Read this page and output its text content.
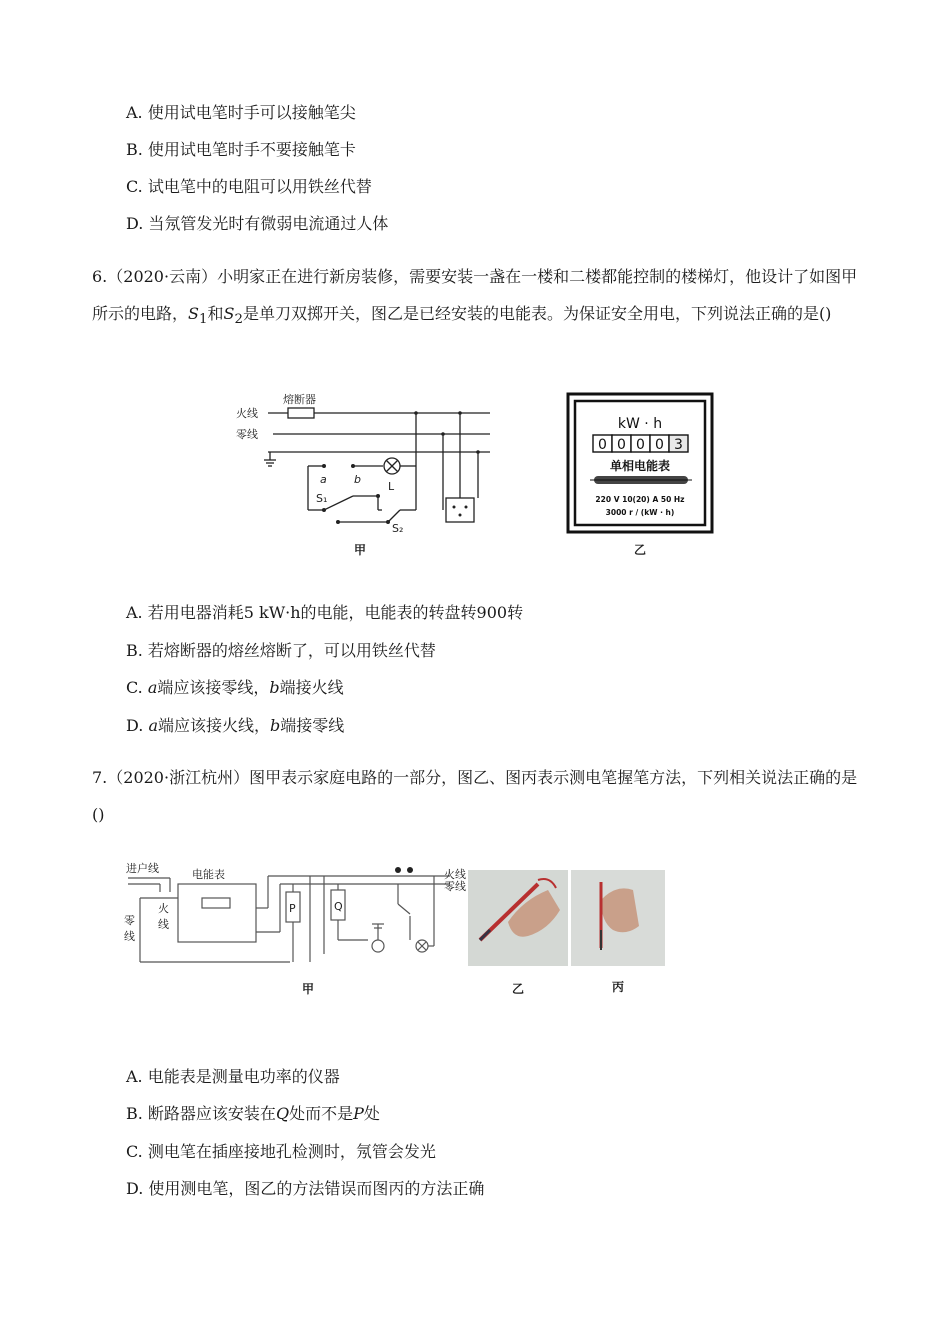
A. 使用试电笔时手可以接触笔尖
B. 使用试电笔时手不要接触笔卡
C. 试电笔中的电阻可以用铁丝代替
D. 当氖管发光时有微弱电流通过人体

6.（2020·云南）小明家正在进行新房装修，需要安装一盏在一楼和二楼都能控制的楼梯灯，他设计了如图甲所示的电路，$S_1$和$S_2$是单刀双掷开关，图乙是已经安装的电能表。为保证安全用电，下列说法正确的是()

熔断器
火线
零线
a b
L
S₁
S₂
甲
kW · h
0 0 0 0 3
单相电能表
220 V 10(20) A 50 Hz
3000 r / (kW · h)
乙
A. 若用电器消耗5 kW·h的电能，电能表的转盘转900转
B. 若熔断器的熔丝熔断了，可以用铁丝代替
C. a端应该接零线，b端接火线
D. a端应该接火线，b端接零线

7.（2020·浙江杭州）图甲表示家庭电路的一部分，图乙、图丙表示测电笔握笔方法，下列相关说法正确的是()

进户线	电能表
火
线
零
线
P	Q
火线
零线
甲	乙	丙
A. 电能表是测量电功率的仪器
B. 断路器应该安装在Q处而不是P处
C. 测电笔在插座接地孔检测时，氖管会发光
D. 使用测电笔，图乙的方法错误而图丙的方法正确
